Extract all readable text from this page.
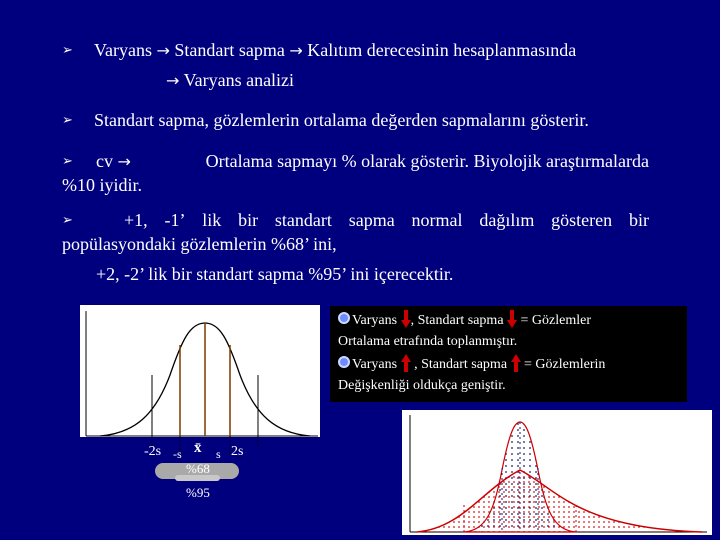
➢ Varyans → Standart sapma → Kalıtım derecesinin hesaplanmasında
→ Varyans analizi
➢ Standart sapma, gözlemlerin ortalama değerden sapmalarını gösterir.
➢ cv →	Ortalama sapmayı % olarak gösterir. Biyolojik araştırmalarda
%10 iyidir.
➢	+1, -1’ lik bir standart sapma normal dağılım gösteren bir
popülasyondaki gözlemlerin %68’ ini,
+2, -2’ lik bir standart sapma %95’ ini içerecektir.
-2s -s x̄ s 2s
%68
%95
Varyans , Standart sapma = Gözlemler
Ortalama etrafında toplanmıştır.
Varyans , Standart sapma = Gözlemlerin
Değişkenliği oldukça geniştir.
